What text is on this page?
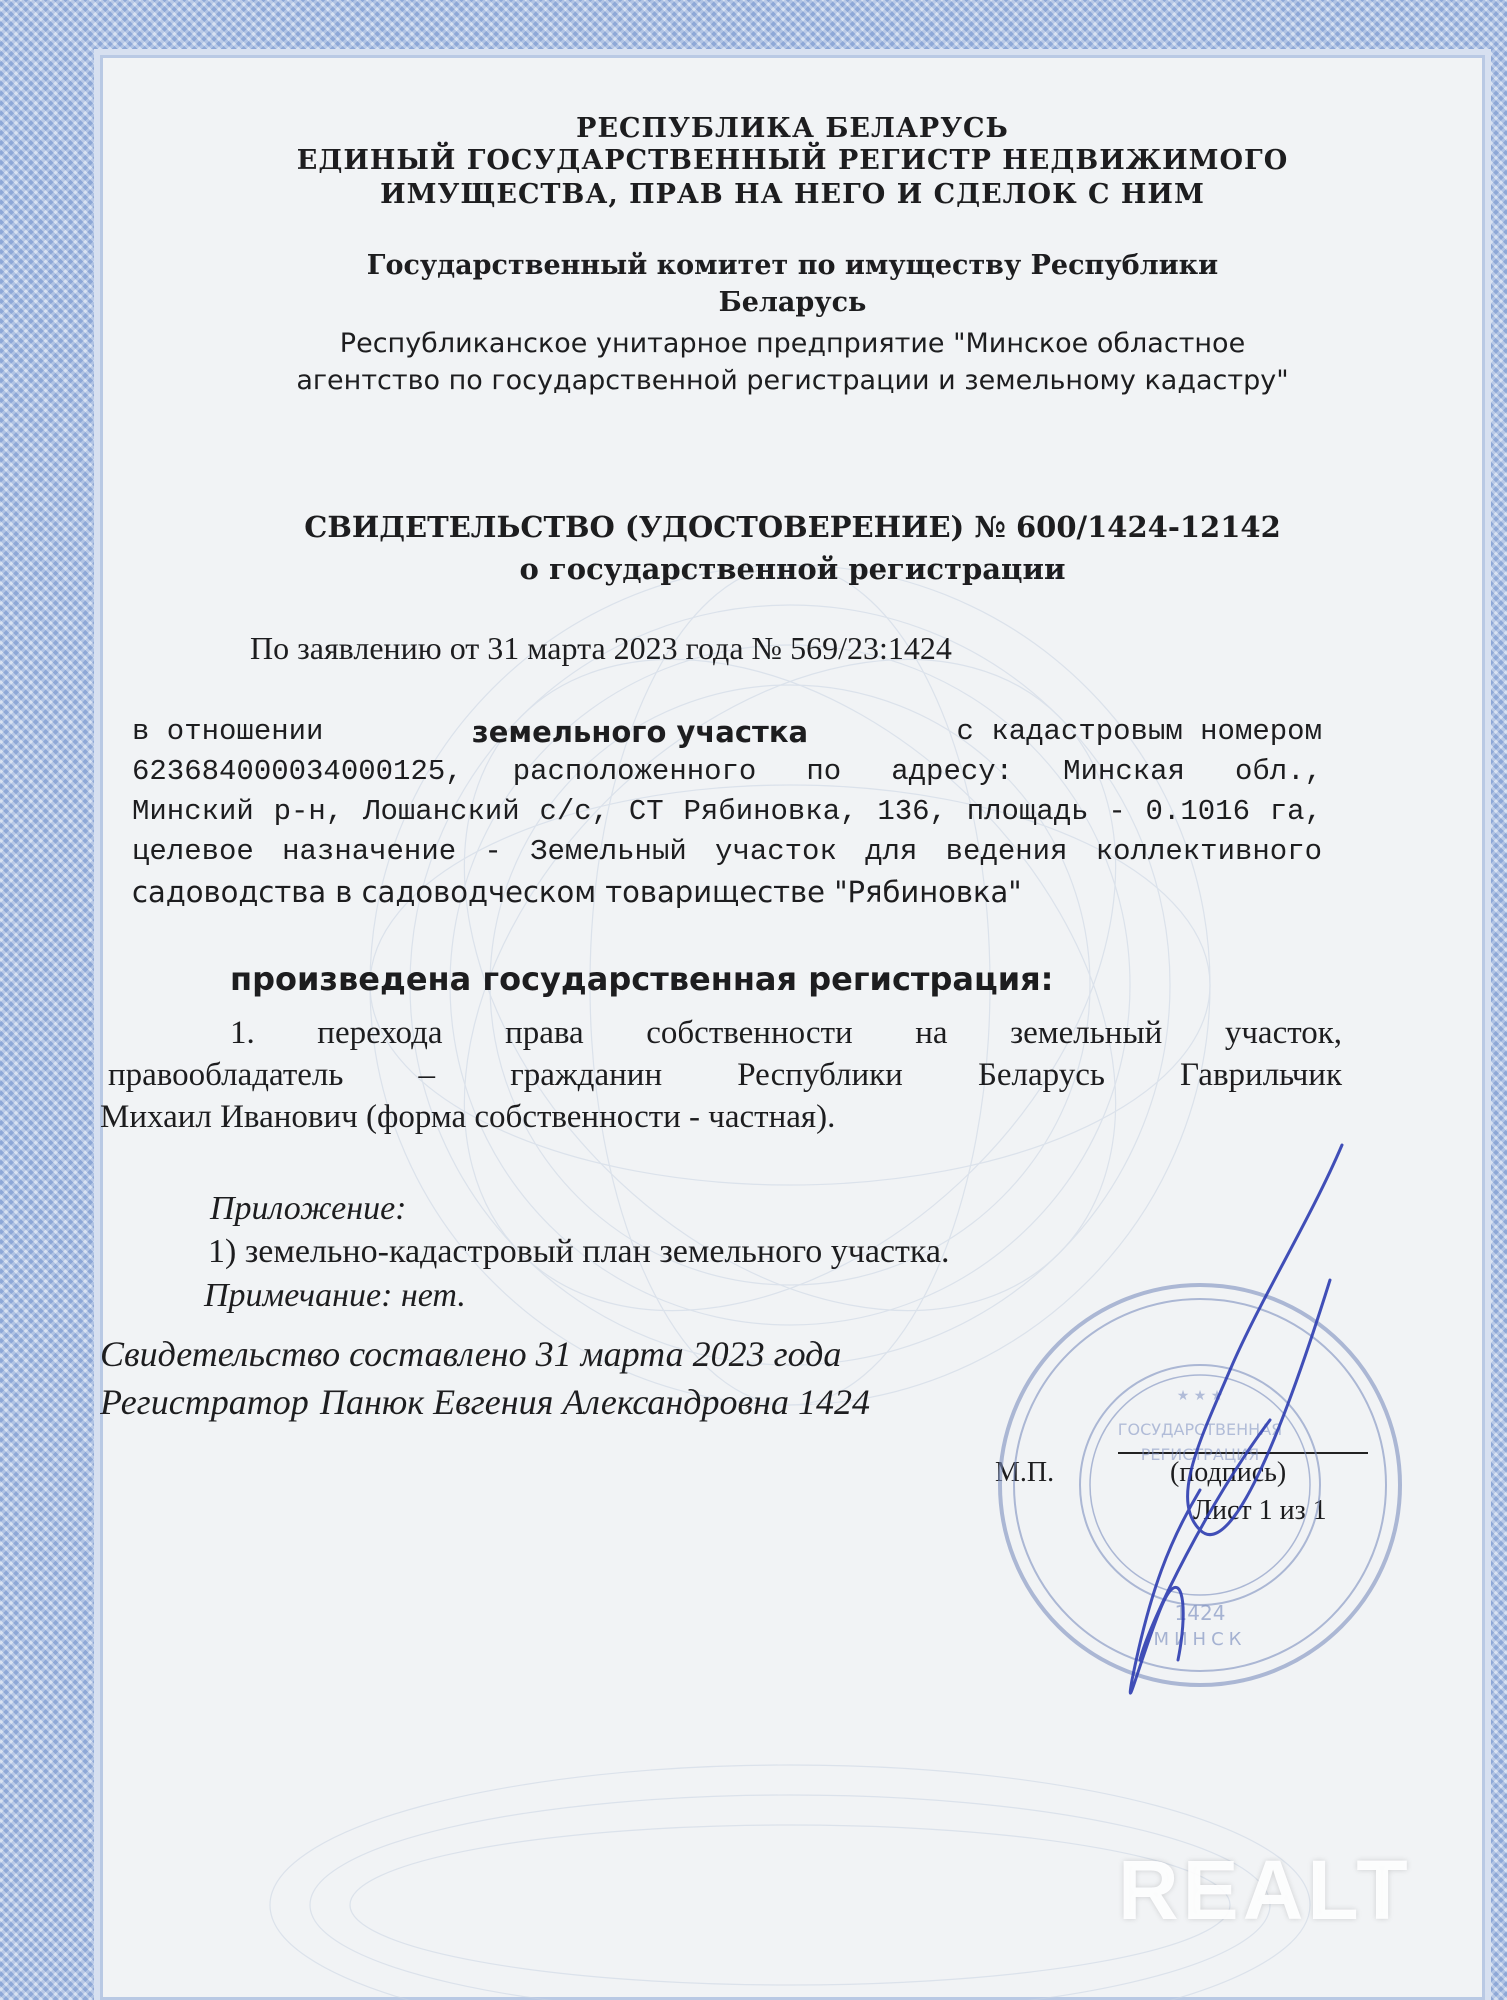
РЕСПУБЛИКА БЕЛАРУСЬ
ЕДИНЫЙ ГОСУДАРСТВЕННЫЙ РЕГИСТР НЕДВИЖИМОГО
ИМУЩЕСТВА, ПРАВ НА НЕГО И СДЕЛОК С НИМ
Государственный комитет по имуществу Республики
Беларусь
Республиканское унитарное предприятие "Минское областное
агентство по государственной регистрации и земельному кадастру"
СВИДЕТЕЛЬСТВО (УДОСТОВЕРЕНИЕ) № 600/1424-12142
о государственной регистрации
По заявлению от 31 марта 2023 года № 569/23:1424
в отношении	земельного участка	с кадастровым номером
623684000034000125, расположенного по адресу: Минская обл.,
Минский р-н, Лошанский с/с, СТ Рябиновка, 136, площадь - 0.1016 га,
целевое назначение - Земельный участок для ведения коллективного
садоводства в садоводческом товариществе "Рябиновка"
произведена государственная регистрация:
1. перехода права собственности на земельный участок,
правообладатель – гражданин Республики Беларусь Гаврильчик
Михаил Иванович (форма собственности - частная).
Приложение:
1) земельно-кадастровый план земельного участка.
Примечание: нет.
Свидетельство составлено 31 марта 2023 года
Регистратор Панюк Евгения Александровна 1424
М.П.	(подпись)
Лист 1 из 1
★ ★ ★
ГОСУДАРСТВЕННАЯ
РЕГИСТРАЦИЯ
1424
МИНСК
REALT
